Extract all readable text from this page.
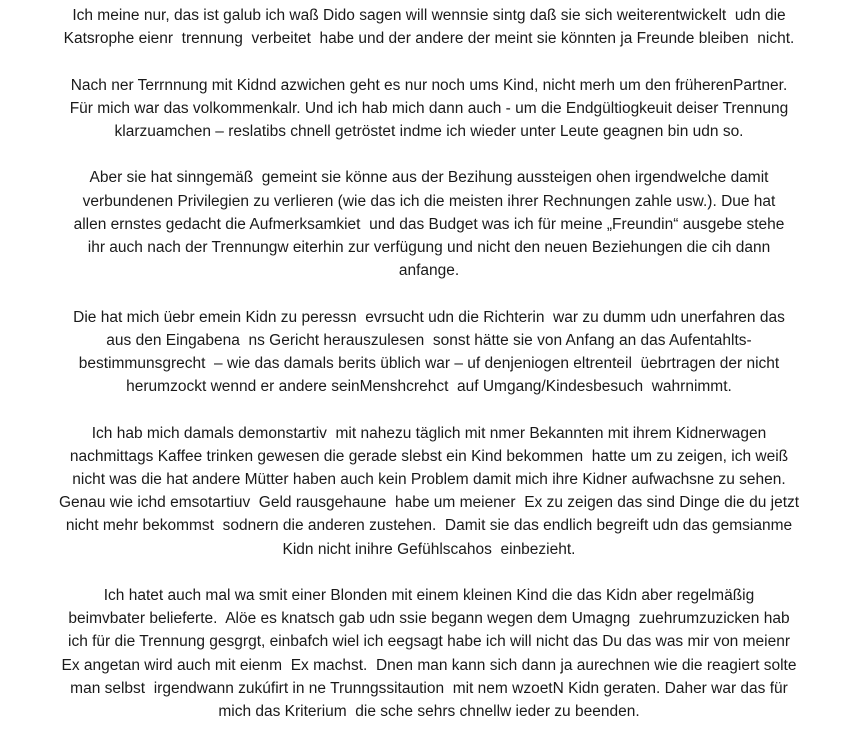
Ich meine nur, das ist galub ich waß Dido sagen will wennsie sintg daß sie sich weiterentwickelt  udn die
Katsrophe eienr  trennung  verbeitet  habe und der andere der meint sie könnten ja Freunde bleiben  nicht.
Nach ner Terrnnung mit Kidnd azwichen geht es nur noch ums Kind, nicht merh um den früherenPartner.
Für mich war das volkommenkalr. Und ich hab mich dann auch - um die Endgültiogkeuit deiser Trennung
klarzuamchen – reslatibs chnell getröstet indme ich wieder unter Leute geagnen bin udn so.
Aber sie hat sinngemäß  gemeint sie könne aus der Bezihung aussteigen ohen irgendwelche damit
verbundenen Privilegien zu verlieren (wie das ich die meisten ihrer Rechnungen zahle usw.). Due hat
allen ernstes gedacht die Aufmerksamkiet  und das Budget was ich für meine „Freundin“ ausgebe stehe
ihr auch nach der Trennungw eiterhin zur verfügung und nicht den neuen Beziehungen die cih dann
anfange.
Die hat mich üebr emein Kidn zu peressn  evrsucht udn die Richterin  war zu dumm udn unerfahren das
aus den Eingabena  ns Gericht herauszulesen  sonst hätte sie von Anfang an das Aufentahlts-
bestimmunsgrecht  – wie das damals berits üblich war – uf denjeniogen eltrenteil  üebrtragen der nicht
herumzockt wennd er andere seinMenshcrehct  auf Umgang/Kindesbesuch  wahrnimmt.
Ich hab mich damals demonstartiv  mit nahezu täglich mit nmer Bekannten mit ihrem Kidnerwagen
nachmittags Kaffee trinken gewesen die gerade slebst ein Kind bekommen  hatte um zu zeigen, ich weiß
nicht was die hat andere Mütter haben auch kein Problem damit mich ihre Kidner aufwachsne zu sehen.
Genau wie ichd emsotartiuv  Geld rausgehaune  habe um meiener  Ex zu zeigen das sind Dinge die du jetzt
nicht mehr bekommst  sodnern die anderen zustehen.  Damit sie das endlich begreift udn das gemsianme
Kidn nicht inihre Gefühlscahos  einbezieht.
Ich hatet auch mal wa smit einer Blonden mit einem kleinen Kind die das Kidn aber regelmäßig
beimvbater belieferte.  Alöe es knatsch gab udn ssie begann wegen dem Umagng  zuehrumzuzicken hab
ich für die Trennung gesgrgt, einbafch wiel ich eegsagt habe ich will nicht das Du das was mir von meienr
Ex angetan wird auch mit eienm  Ex machst.  Dnen man kann sich dann ja aurechnen wie die reagiert solte
man selbst  irgendwann zukúfirt in ne Trunngssitaution  mit nem wzoetN Kidn geraten. Daher war das für
mich das Kriterium  die sche sehrs chnellw ieder zu beenden.
